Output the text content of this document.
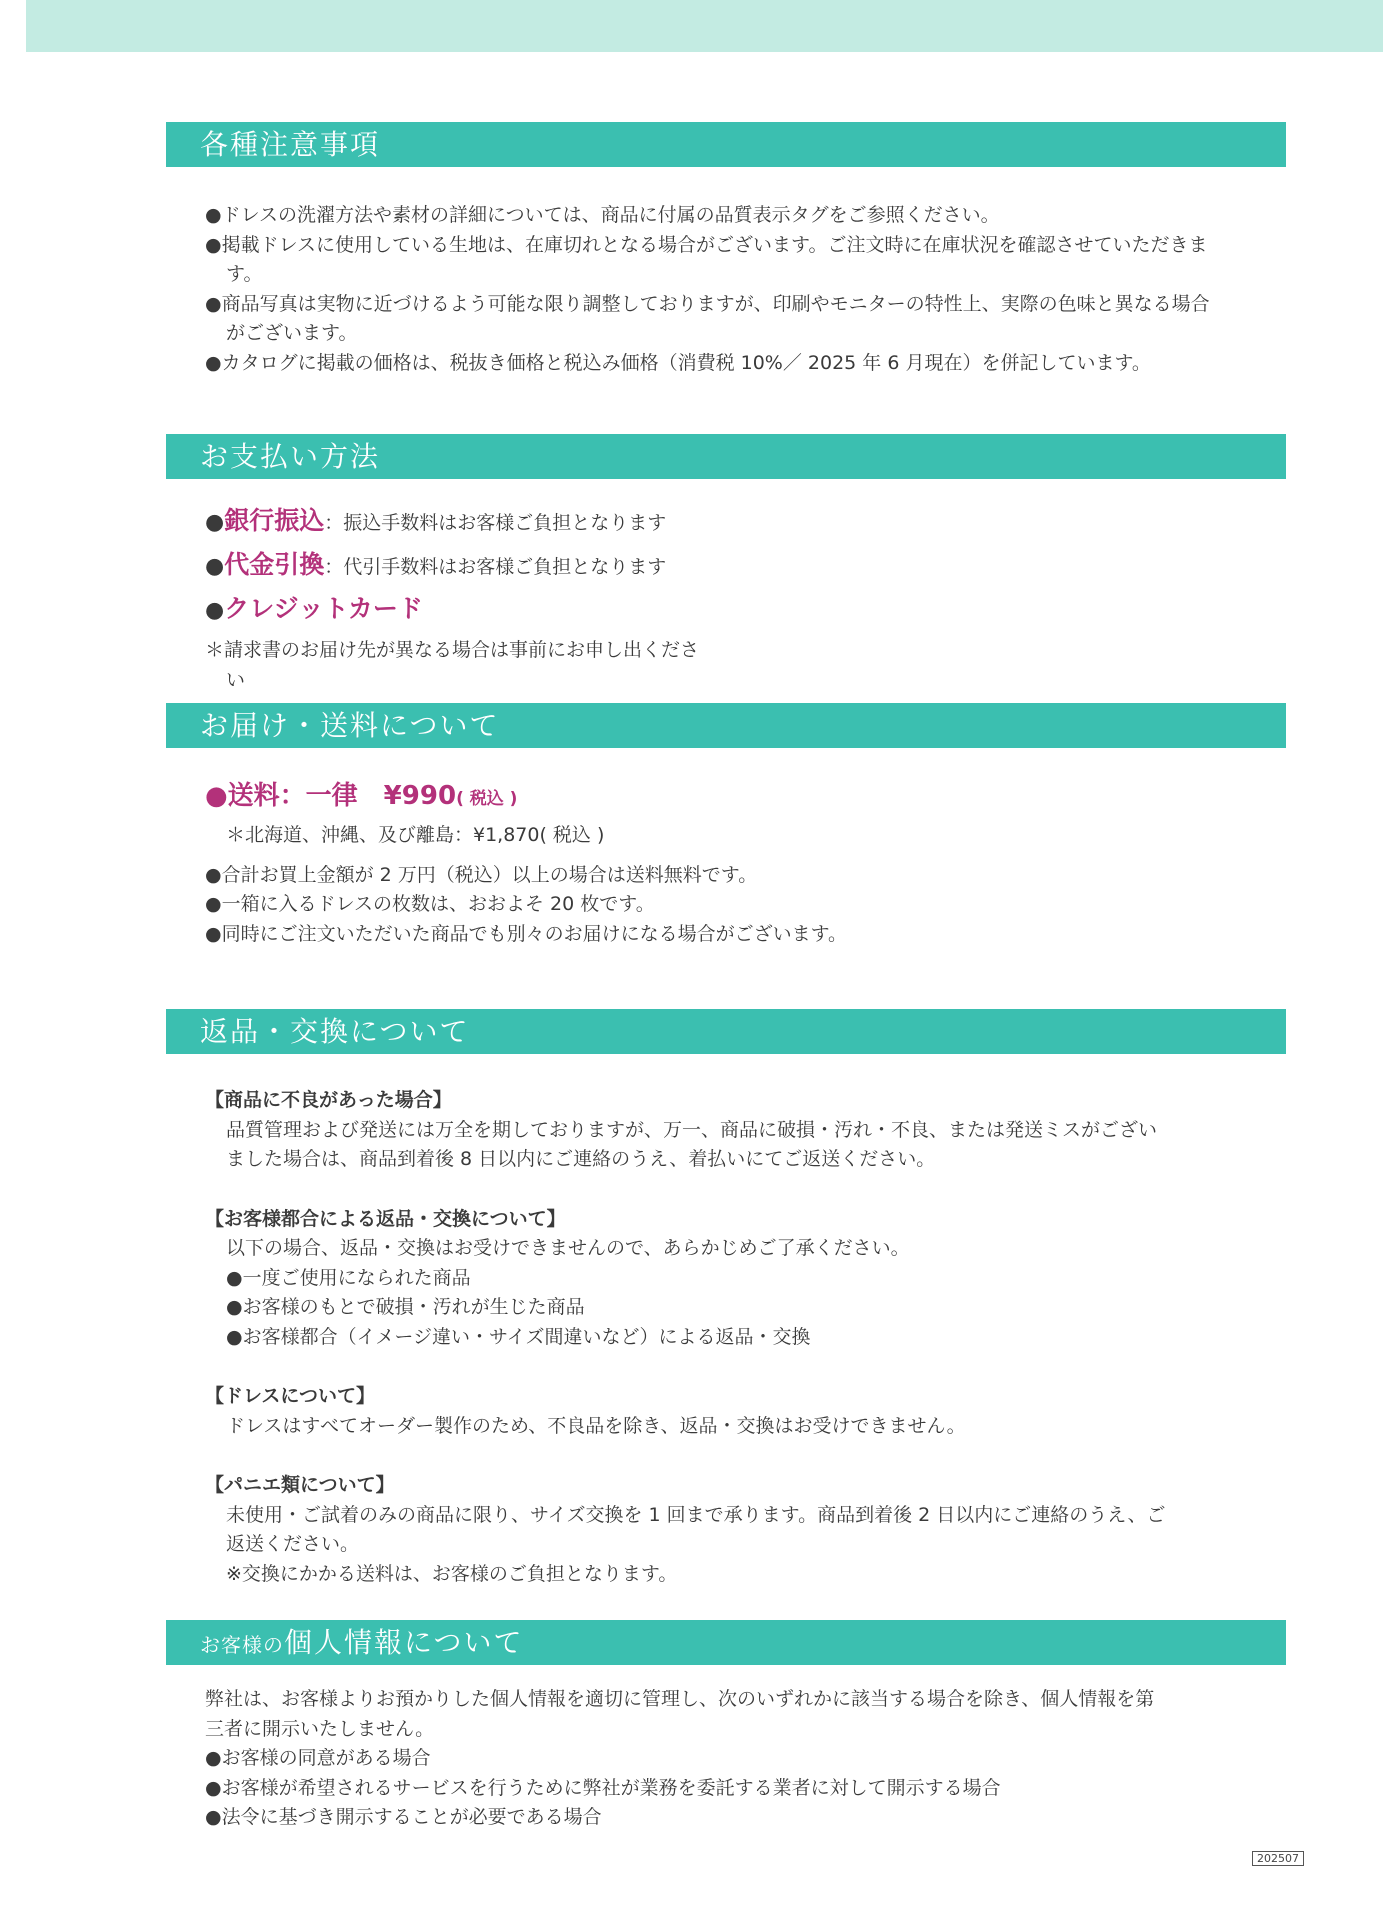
各種注意事項
●ドレスの洗濯方法や素材の詳細については、商品に付属の品質表示タグをご参照ください。
●掲載ドレスに使用している生地は、在庫切れとなる場合がございます。ご注文時に在庫状況を確認させていただきます。
●商品写真は実物に近づけるよう可能な限り調整しておりますが、印刷やモニターの特性上、実際の色味と異なる場合がございます。
●カタログに掲載の価格は、税抜き価格と税込み価格（消費税 10%／ 2025 年 6 月現在）を併記しています。
お支払い方法
●銀行振込：振込手数料はお客様ご負担となります
●代金引換：代引手数料はお客様ご負担となります
●クレジットカード
＊請求書のお届け先が異なる場合は事前にお申し出くださ
い
お届け・送料について
●送料：一律　¥990( 税込 )
＊北海道、沖縄、及び離島：¥1,870( 税込 )
●合計お買上金額が 2 万円（税込）以上の場合は送料無料です。
●一箱に入るドレスの枚数は、おおよそ 20 枚です。
●同時にご注文いただいた商品でも別々のお届けになる場合がございます。
返品・交換について
【商品に不良があった場合】
品質管理および発送には万全を期しておりますが、万一、商品に破損・汚れ・不良、または発送ミスがござい
ました場合は、商品到着後 8 日以内にご連絡のうえ、着払いにてご返送ください。
【お客様都合による返品・交換について】
以下の場合、返品・交換はお受けできませんので、あらかじめご了承ください。
●一度ご使用になられた商品
●お客様のもとで破損・汚れが生じた商品
●お客様都合（イメージ違い・サイズ間違いなど）による返品・交換
【ドレスについて】
ドレスはすべてオーダー製作のため、不良品を除き、返品・交換はお受けできません。
【パニエ類について】
未使用・ご試着のみの商品に限り、サイズ交換を 1 回まで承ります。商品到着後 2 日以内にご連絡のうえ、ご
返送ください。
※交換にかかる送料は、お客様のご負担となります。
お客様の個人情報について
弊社は、お客様よりお預かりした個人情報を適切に管理し、次のいずれかに該当する場合を除き、個人情報を第
三者に開示いたしません。
●お客様の同意がある場合
●お客様が希望されるサービスを行うために弊社が業務を委託する業者に対して開示する場合
●法令に基づき開示することが必要である場合
202507
